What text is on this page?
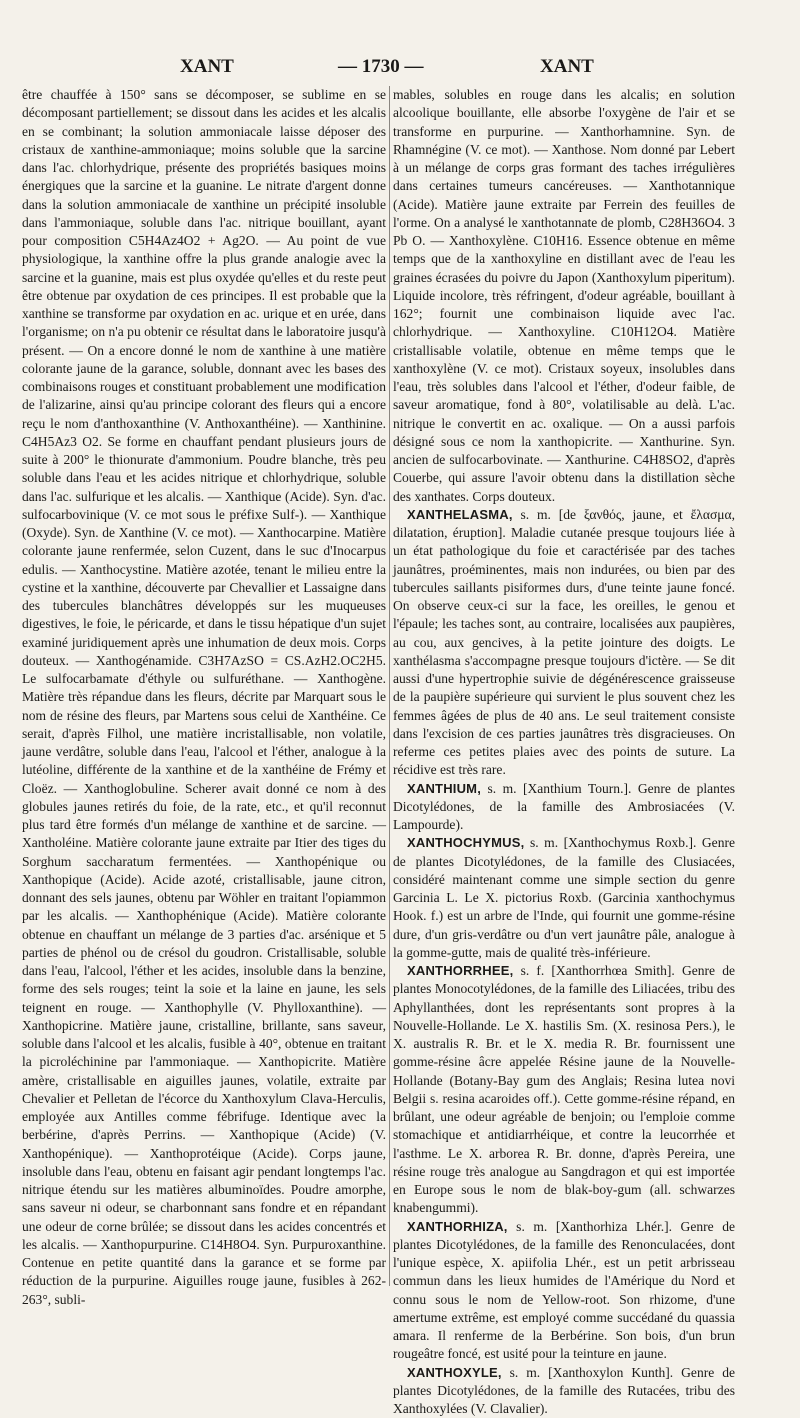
XANT	— 1730 —	XANT

être chauffée à 150° sans se décomposer, se sublime en se décomposant partiellement; se dissout dans les acides et les alcalis en se combinant; la solution ammoniacale laisse déposer des cristaux de xanthine-ammoniaque; moins soluble que la sarcine dans l'ac. chlorhydrique, présente des propriétés basiques moins énergiques que la sarcine et la guanine. Le nitrate d'argent donne dans la solution ammoniacale de xanthine un précipité insoluble dans l'ammoniaque, soluble dans l'ac. nitrique bouillant, ayant pour composition C5H4Az4O2 + Ag2O. — Au point de vue physiologique, la xanthine offre la plus grande analogie avec la sarcine et la guanine, mais est plus oxydée qu'elles et du reste peut être obtenue par oxydation de ces principes. Il est probable que la xanthine se transforme par oxydation en ac. urique et en urée, dans l'organisme; on n'a pu obtenir ce résultat dans le laboratoire jusqu'à présent. — On a encore donné le nom de xanthine à une matière colorante jaune de la garance, soluble, donnant avec les bases des combinaisons rouges et constituant probablement une modification de l'alizarine, ainsi qu'au principe colorant des fleurs qui a encore reçu le nom d'anthoxanthine (V. Anthoxanthéine). — Xanthinine. C4H5Az3 O2. Se forme en chauffant pendant plusieurs jours de suite à 200° le thionurate d'ammonium. Poudre blanche, très peu soluble dans l'eau et les acides nitrique et chlorhydrique, soluble dans l'ac. sulfurique et les alcalis. — Xanthique (Acide). Syn. d'ac. sulfocarbovinique (V. ce mot sous le préfixe Sulf-). — Xanthique (Oxyde). Syn. de Xanthine (V. ce mot). — Xanthocarpine. Matière colorante jaune renfermée, selon Cuzent, dans le suc d'Inocarpus edulis. — Xanthocystine. Matière azotée, tenant le milieu entre la cystine et la xanthine, découverte par Chevallier et Lassaigne dans des tubercules blanchâtres développés sur les muqueuses digestives, le foie, le péricarde, et dans le tissu hépatique d'un sujet examiné juridiquement après une inhumation de deux mois. Corps douteux. — Xanthogénamide. C3H7AzSO = CS.AzH2.OC2H5. Le sulfocarbamate d'éthyle ou sulfuréthane. — Xanthogène. Matière très répandue dans les fleurs, décrite par Marquart sous le nom de résine des fleurs, par Martens sous celui de Xanthéine. Ce serait, d'après Filhol, une matière incristallisable, non volatile, jaune verdâtre, soluble dans l'eau, l'alcool et l'éther, analogue à la lutéoline, différente de la xanthine et de la xanthéine de Frémy et Cloëz. — Xanthoglobuline. Scherer avait donné ce nom à des globules jaunes retirés du foie, de la rate, etc., et qu'il reconnut plus tard être formés d'un mélange de xanthine et de sarcine. — Xantholéine. Matière colorante jaune extraite par Itier des tiges du Sorghum saccharatum fermentées. — Xanthopénique ou Xanthopique (Acide). Acide azoté, cristallisable, jaune citron, donnant des sels jaunes, obtenu par Wöhler en traitant l'opiammon par les alcalis. — Xanthophénique (Acide). Matière colorante obtenue en chauffant un mélange de 3 parties d'ac. arsénique et 5 parties de phénol ou de crésol du goudron. Cristallisable, soluble dans l'eau, l'alcool, l'éther et les acides, insoluble dans la benzine, forme des sels rouges; teint la soie et la laine en jaune, les sels teignent en rouge. — Xanthophylle (V. Phylloxanthine). — Xanthopicrine. Matière jaune, cristalline, brillante, sans saveur, soluble dans l'alcool et les alcalis, fusible à 40°, obtenue en traitant la picroléchinine par l'ammoniaque. — Xanthopicrite. Matière amère, cristallisable en aiguilles jaunes, volatile, extraite par Chevalier et Pelletan de l'écorce du Xanthoxylum Clava-Herculis, employée aux Antilles comme fébrifuge. Identique avec la berbérine, d'après Perrins. — Xanthopique (Acide) (V. Xanthopénique). — Xanthoprotéique (Acide). Corps jaune, insoluble dans l'eau, obtenu en faisant agir pendant longtemps l'ac. nitrique étendu sur les matières albuminoïdes. Poudre amorphe, sans saveur ni odeur, se charbonnant sans fondre et en répandant une odeur de corne brûlée; se dissout dans les acides concentrés et les alcalis. — Xanthopurpurine. C14H8O4. Syn. Purpuroxanthine. Contenue en petite quantité dans la garance et se forme par réduction de la purpurine. Aiguilles rouge jaune, fusibles à 262-263°, subli-

mables, solubles en rouge dans les alcalis; en solution alcoolique bouillante, elle absorbe l'oxygène de l'air et se transforme en purpurine. — Xanthorhamnine. Syn. de Rhamnégine (V. ce mot). — Xanthose. Nom donné par Lebert à un mélange de corps gras formant des taches irrégulières dans certaines tumeurs cancéreuses. — Xanthotannique (Acide). Matière jaune extraite par Ferrein des feuilles de l'orme. On a analysé le xanthotannate de plomb, C28H36O4. 3 Pb O. — Xanthoxylène. C10H16. Essence obtenue en même temps que de la xanthoxyline en distillant avec de l'eau les graines écrasées du poivre du Japon (Xanthoxylum piperitum). Liquide incolore, très réfringent, d'odeur agréable, bouillant à 162°; fournit une combinaison liquide avec l'ac. chlorhydrique. — Xanthoxyline. C10H12O4. Matière cristallisable volatile, obtenue en même temps que le xanthoxylène (V. ce mot). Cristaux soyeux, insolubles dans l'eau, très solubles dans l'alcool et l'éther, d'odeur faible, de saveur aromatique, fond à 80°, volatilisable au delà. L'ac. nitrique le convertit en ac. oxalique. — On a aussi parfois désigné sous ce nom la xanthopicrite. — Xanthurine. Syn. ancien de sulfocarbovinate. — Xanthurine. C4H8SO2, d'après Couerbe, qui assure l'avoir obtenu dans la distillation sèche des xanthates. Corps douteux.

XANTHELASMA, s. m. [de ξανθός, jaune, et ἔλασμα, dilatation, éruption]. Maladie cutanée presque toujours liée à un état pathologique du foie et caractérisée par des taches jaunâtres, proéminentes, mais non indurées, ou bien par des tubercules saillants pisiformes durs, d'une teinte jaune foncé. On observe ceux-ci sur la face, les oreilles, le genou et l'épaule; les taches sont, au contraire, localisées aux paupières, au cou, aux gencives, à la petite jointure des doigts. Le xanthélasma s'accompagne presque toujours d'ictère. — Se dit aussi d'une hypertrophie suivie de dégénérescence graisseuse de la paupière supérieure qui survient le plus souvent chez les femmes âgées de plus de 40 ans. Le seul traitement consiste dans l'excision de ces parties jaunâtres très disgracieuses. On referme ces petites plaies avec des points de suture. La récidive est très rare.

XANTHIUM, s. m. [Xanthium Tourn.]. Genre de plantes Dicotylédones, de la famille des Ambrosiacées (V. Lampourde).

XANTHOCHYMUS, s. m. [Xanthochymus Roxb.]. Genre de plantes Dicotylédones, de la famille des Clusiacées, considéré maintenant comme une simple section du genre Garcinia L. Le X. pictorius Roxb. (Garcinia xanthochymus Hook. f.) est un arbre de l'Inde, qui fournit une gomme-résine dure, d'un gris-verdâtre ou d'un vert jaunâtre pâle, analogue à la gomme-gutte, mais de qualité très-inférieure.

XANTHORRHEE, s. f. [Xanthorrhœa Smith]. Genre de plantes Monocotylédones, de la famille des Liliacées, tribu des Aphyllanthées, dont les représentants sont propres à la Nouvelle-Hollande. Le X. hastilis Sm. (X. resinosa Pers.), le X. australis R. Br. et le X. media R. Br. fournissent une gomme-résine âcre appelée Résine jaune de la Nouvelle-Hollande (Botany-Bay gum des Anglais; Resina lutea novi Belgii s. resina acaroides off.). Cette gomme-résine répand, en brûlant, une odeur agréable de benjoin; ou l'emploie comme stomachique et antidiarrhéique, et contre la leucorrhée et l'asthme. Le X. arborea R. Br. donne, d'après Pereira, une résine rouge très analogue au Sangdragon et qui est importée en Europe sous le nom de blak-boy-gum (all. schwarzes knabengummi).

XANTHORHIZA, s. m. [Xanthorhiza Lhér.]. Genre de plantes Dicotylédones, de la famille des Renonculacées, dont l'unique espèce, X. apiifolia Lhér., est un petit arbrisseau commun dans les lieux humides de l'Amérique du Nord et connu sous le nom de Yellow-root. Son rhizome, d'une amertume extrême, est employé comme succédané du quassia amara. Il renferme de la Berbérine. Son bois, d'un brun rougeâtre foncé, est usité pour la teinture en jaune.

XANTHOXYLE, s. m. [Xanthoxylon Kunth]. Genre de plantes Dicotylédones, de la famille des Rutacées, tribu des Xanthoxylées (V. Clavalier).
